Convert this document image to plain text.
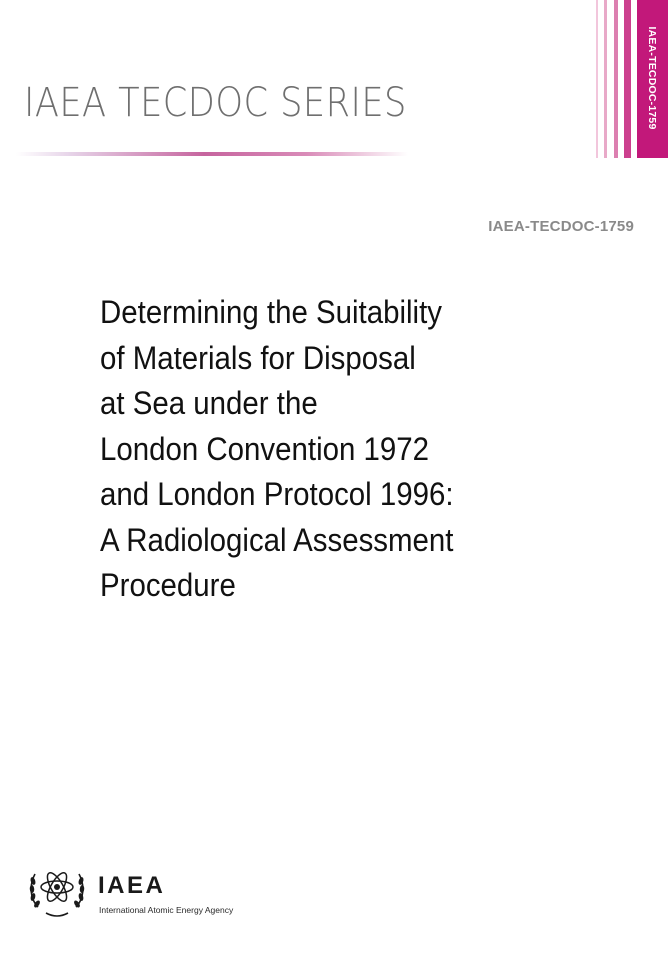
IAEA TECDOC SERIES	IAEA-TECDOC-1759
IAEA-TECDOC-1759
Determining the Suitability
of Materials for Disposal
at Sea under the
London Convention 1972
and London Protocol 1996:
A Radiological Assessment
Procedure
IAEA
International Atomic Energy Agency
